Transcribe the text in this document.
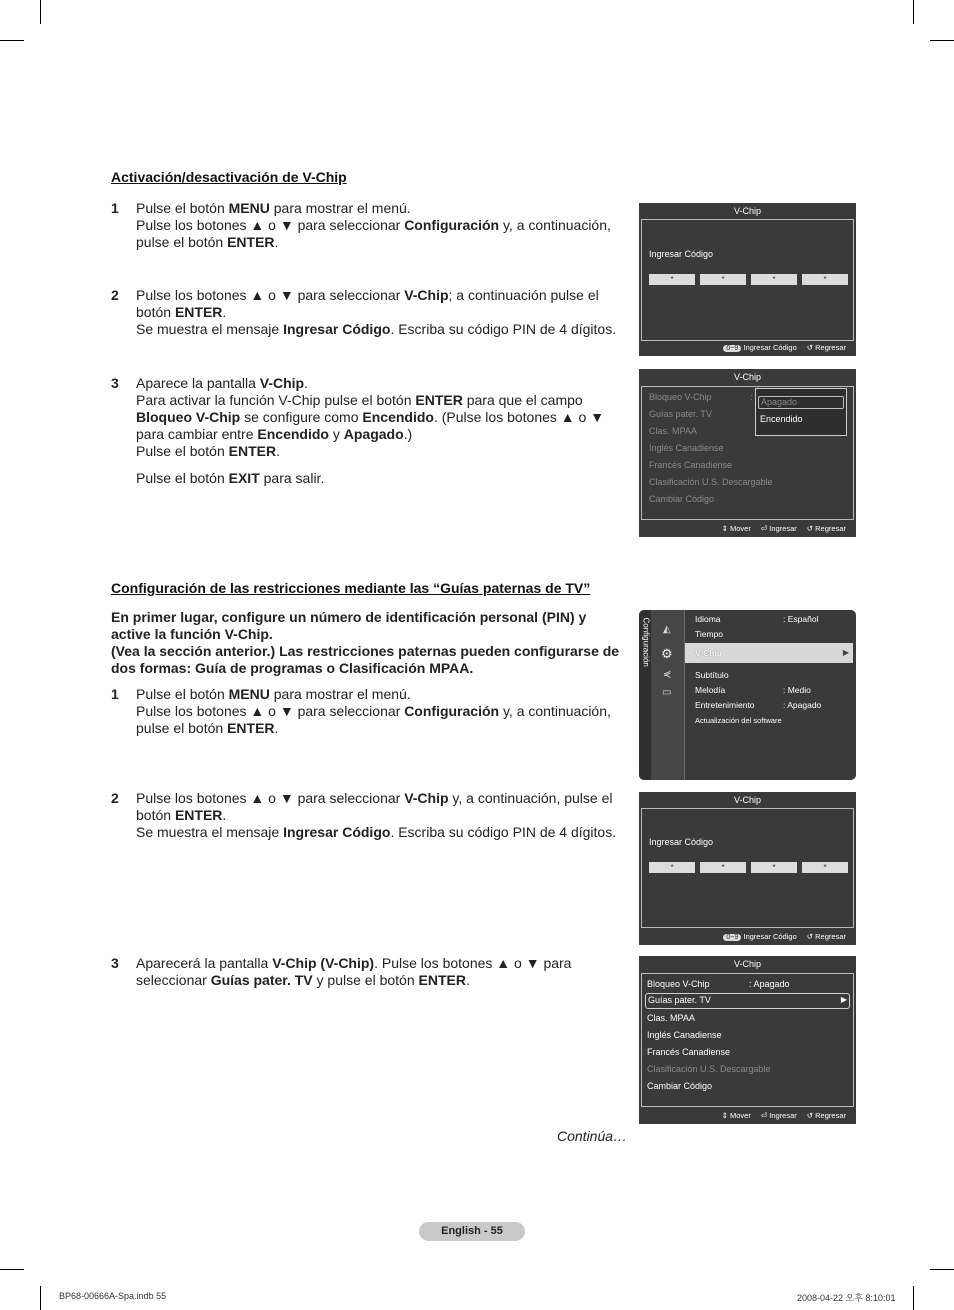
Activación/desactivación de V-Chip
1 Pulse el botón MENU para mostrar el menú.

Pulse los botones ▲ o ▼ para seleccionar Configuración y, a continuación, pulse el botón ENTER.

2 Pulse los botones ▲ o ▼ para seleccionar V-Chip; a continuación pulse el botón ENTER.

Se muestra el mensaje Ingresar Código. Escriba su código PIN de 4 dígitos.

3 Aparece la pantalla V-Chip.

Para activar la función V-Chip pulse el botón ENTER para que el campo Bloqueo V-Chip se configure como Encendido. (Pulse los botones ▲ o ▼ para cambiar entre Encendido y Apagado.)

Pulse el botón ENTER.

Pulse el botón EXIT para salir.

V-Chip
Ingresar Código
*	*	*	*
0~9 Ingresar Código ↺ Regresar
V-Chip
Bloqueo V-Chip
Guías pater. TV
Clas. MPAA
Inglés Canadiense
Francés Canadiense
Clasificación U.S. Descargable
Cambiar Código
: Apagado
Encendido
⇕ Mover ⏎ Ingresar ↺ Regresar
Configuración de las restricciones mediante las “Guías paternas de TV”

En primer lugar, configure un número de identificación personal (PIN) y active la función V-Chip.

(Vea la sección anterior.) Las restricciones paternas pueden configurarse de dos formas: Guía de programas o Clasificación MPAA.

1 Pulse el botón MENU para mostrar el menú.

Pulse los botones ▲ o ▼ para seleccionar Configuración y, a continuación, pulse el botón ENTER.

2 Pulse los botones ▲ o ▼ para seleccionar V-Chip y, a continuación, pulse el botón ENTER.

Se muestra el mensaje Ingresar Código. Escriba su código PIN de 4 dígitos.

3 Aparecerá la pantalla V-Chip (V-Chip). Pulse los botones ▲ o ▼ para seleccionar Guías pater. TV y pulse el botón ENTER.

Continúa…
Configuración ◭
⚙
⋞
▭
Idioma	: Español
Tiempo
V-Chip	▶
Subtítulo
Melodía	: Medio
Entretenimiento	: Apagado
Actualización del software
V-Chip
Ingresar Código
*	*	*	*
0~9 Ingresar Código ↺ Regresar
V-Chip
Bloqueo V-Chip	: Apagado
Guías pater. TV	▶
Clas. MPAA
Inglés Canadiense
Francés Canadiense
Clasificación U.S. Descargable
Cambiar Código
⇕ Mover ⏎ Ingresar ↺ Regresar
English - 55
BP68-00666A-Spa.indb 55	2008-04-22 오후 8:10:01
